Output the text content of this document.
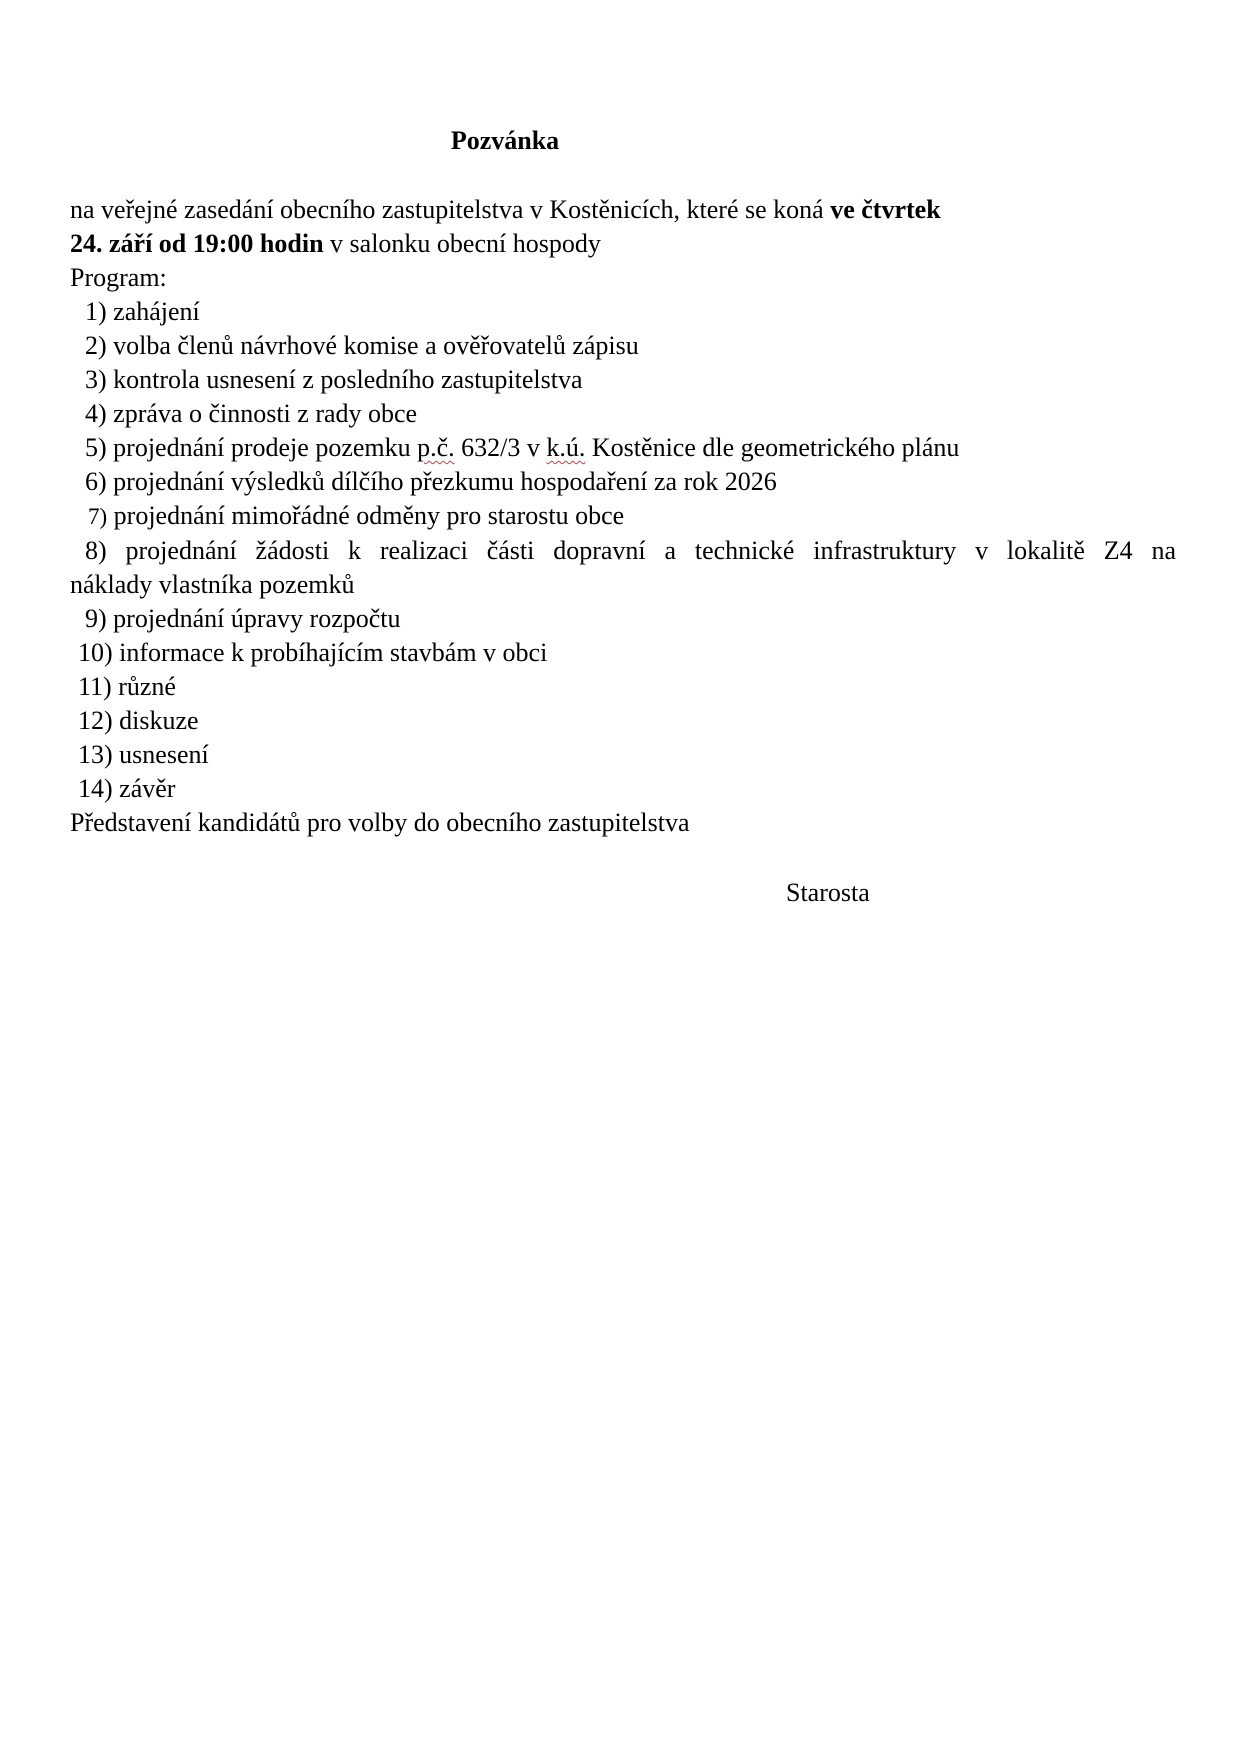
Pozvánka
na veřejné zasedání obecního zastupitelstva v Kostěnicích, které se koná ve čtvrtek
24. září od 19:00 hodin v salonku obecní hospody
Program:
1) zahájení
2) volba členů návrhové komise a ověřovatelů zápisu
3) kontrola usnesení z posledního zastupitelstva
4) zpráva o činnosti z rady obce
5) projednání prodeje pozemku p.č. 632/3 v k.ú. Kostěnice dle geometrického plánu
6) projednání výsledků dílčího přezkumu hospodaření za rok 2026
7) projednání mimořádné odměny pro starostu obce
8) projednání žádosti k realizaci části dopravní a technické infrastruktury v lokalitě Z4 na
náklady vlastníka pozemků
9) projednání úpravy rozpočtu
10) informace k probíhajícím stavbám v obci
11) různé
12) diskuze
13) usnesení
14) závěr
Představení kandidátů pro volby do obecního zastupitelstva
Starosta
